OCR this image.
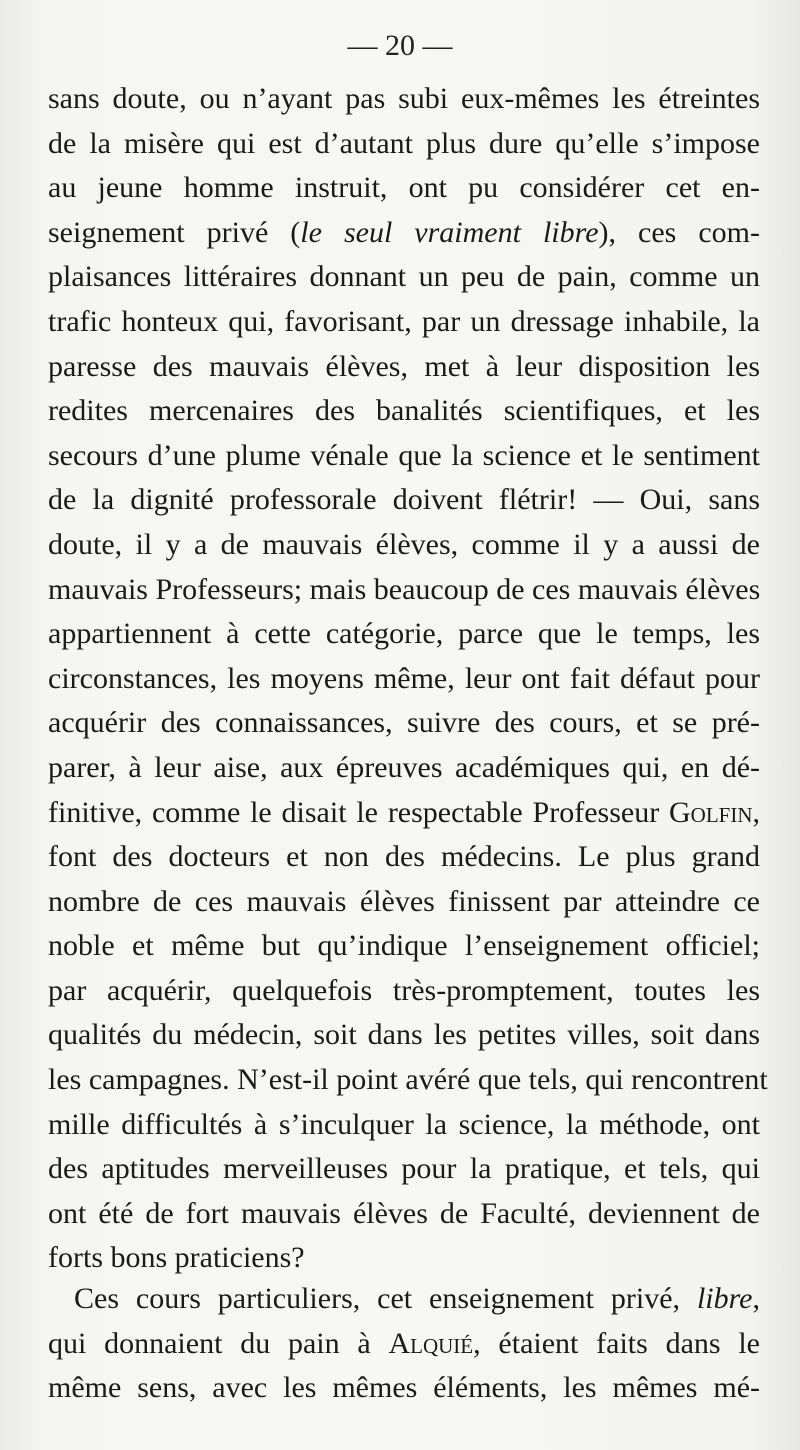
— 20 —
sans doute, ou n’ayant pas subi eux-mêmes les étreintes
de la misère qui est d’autant plus dure qu’elle s’impose
au jeune homme instruit, ont pu considérer cet en-
seignement privé (le seul vraiment libre), ces com-
plaisances littéraires donnant un peu de pain, comme un
trafic honteux qui, favorisant, par un dressage inhabile, la
paresse des mauvais élèves, met à leur disposition les
redites mercenaires des banalités scientifiques, et les
secours d’une plume vénale que la science et le sentiment
de la dignité professorale doivent flétrir! — Oui, sans
doute, il y a de mauvais élèves, comme il y a aussi de
mauvais Professeurs; mais beaucoup de ces mauvais élèves
appartiennent à cette catégorie, parce que le temps, les
circonstances, les moyens même, leur ont fait défaut pour
acquérir des connaissances, suivre des cours, et se pré-
parer, à leur aise, aux épreuves académiques qui, en dé-
finitive, comme le disait le respectable Professeur Golfin,
font des docteurs et non des médecins. Le plus grand
nombre de ces mauvais élèves finissent par atteindre ce
noble et même but qu’indique l’enseignement officiel;
par acquérir, quelquefois très-promptement, toutes les
qualités du médecin, soit dans les petites villes, soit dans
les campagnes. N’est-il point avéré que tels, qui rencontrent
mille difficultés à s’inculquer la science, la méthode, ont
des aptitudes merveilleuses pour la pratique, et tels, qui
ont été de fort mauvais élèves de Faculté, deviennent de
forts bons praticiens?
Ces cours particuliers, cet enseignement privé, libre,
qui donnaient du pain à Alquié, étaient faits dans le
même sens, avec les mêmes éléments, les mêmes mé-
